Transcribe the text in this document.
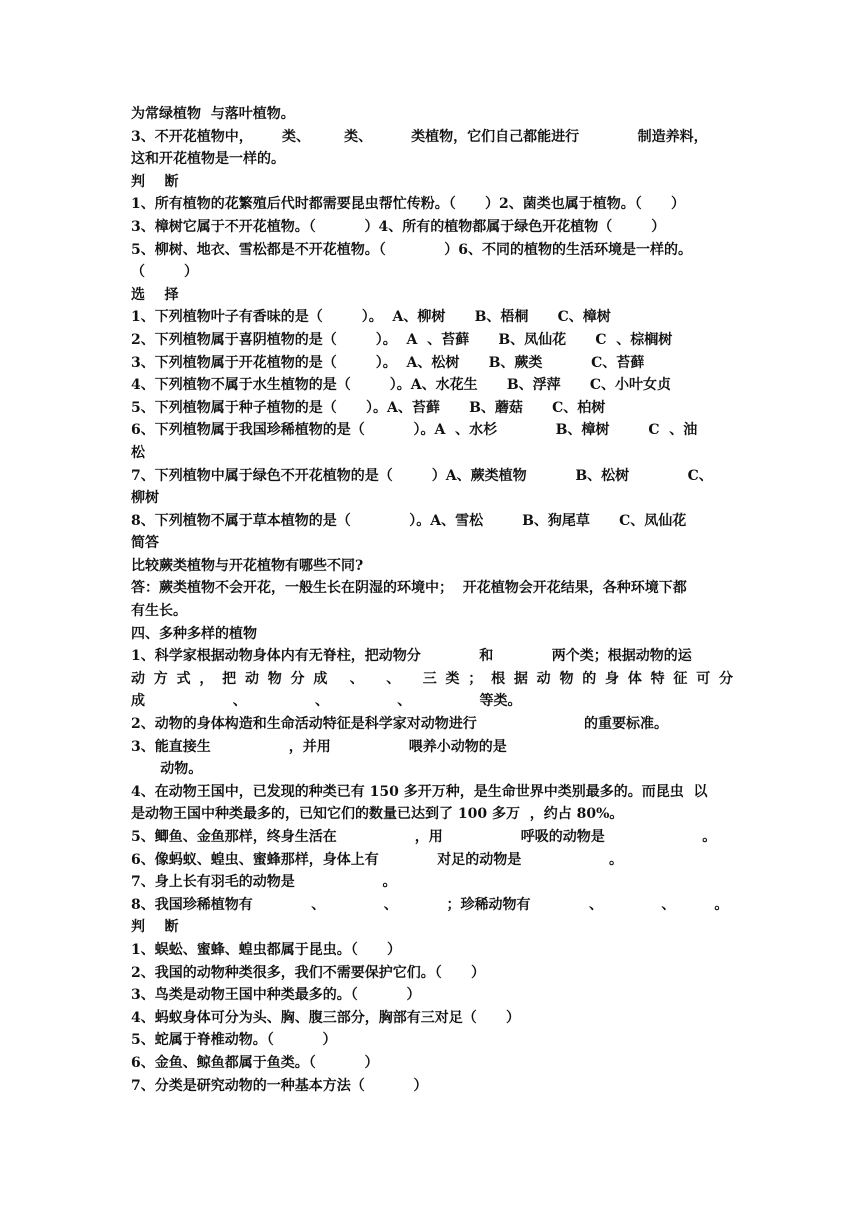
为常绿植物  与落叶植物。
3、不开花植物中，      类、       类、        类植物，它们自己都能进行            制造养料，
这和开花植物是一样的。
判    断
1、所有植物的花繁殖后代时都需要昆虫帮忙传粉。（      ）2、菌类也属于植物。（      ）
3、樟树它属于不开花植物。（          ）4、所有的植物都属于绿色开花植物（        ）
5、柳树、地衣、雪松都是不开花植物。（            ）6、不同的植物的生活环境是一样的。
（        ）
选    择
1、下列植物叶子有香味的是（        ）。  A、柳树      B、梧桐      C、樟树
2、下列植物属于喜阴植物的是（        ）。  A  、苔藓      B、凤仙花      C  、棕榈树
3、下列植物属于开花植物的是（        ）。  A、松树      B、蕨类          C、苔藓
4、下列植物不属于水生植物的是（        ）。A、水花生      B、浮萍      C、小叶女贞
5、下列植物属于种子植物的是（      ）。A、苔藓      B、蘑菇      C、柏树
6、下列植物属于我国珍稀植物的是（          ）。A  、水杉            B、樟树        C  、油
松
7、下列植物中属于绿色不开花植物的是（        ）A、蕨类植物          B、松树            C、
柳树
8、下列植物不属于草本植物的是（            ）。A、雪松        B、狗尾草      C、凤仙花
简答
比较蕨类植物与开花植物有哪些不同?
答：蕨类植物不会开花，一般生长在阴湿的环境中；  开花植物会开花结果，各种环境下都
有生长。
四、多种多样的植物
1、科学家根据动物身体内有无脊柱，把动物分            和            两个类；根据动物的运
动方式，把动物分成 、 、 三类；根据动物的身体特征可分
成                  、              、              、              等类。
2、动物的身体构造和生命活动特征是科学家对动物进行                      的重要标准。
3、能直接生                ，并用                喂养小动物的是
动物。
4、在动物王国中，已发现的种类已有 150 多开万种，是生命世界中类别最多的。而昆虫  以
是动物王国中种类最多的，已知它们的数量已达到了 100 多万  ，约占 80%。
5、鲫鱼、金鱼那样，终身生活在                ，用                呼吸的动物是                    。
6、像蚂蚁、蝗虫、蜜蜂那样，身体上有            对足的动物是                  。
7、身上长有羽毛的动物是                  。
8、我国珍稀植物有            、            、          ；珍稀动物有            、            、        。
判    断
1、蜈蚣、蜜蜂、蝗虫都属于昆虫。（      ）
2、我国的动物种类很多，我们不需要保护它们。（      ）
3、鸟类是动物王国中种类最多的。（          ）
4、蚂蚁身体可分为头、胸、腹三部分，胸部有三对足（      ）
5、蛇属于脊椎动物。（          ）
6、金鱼、鲸鱼都属于鱼类。（          ）
7、分类是研究动物的一种基本方法（          ）
